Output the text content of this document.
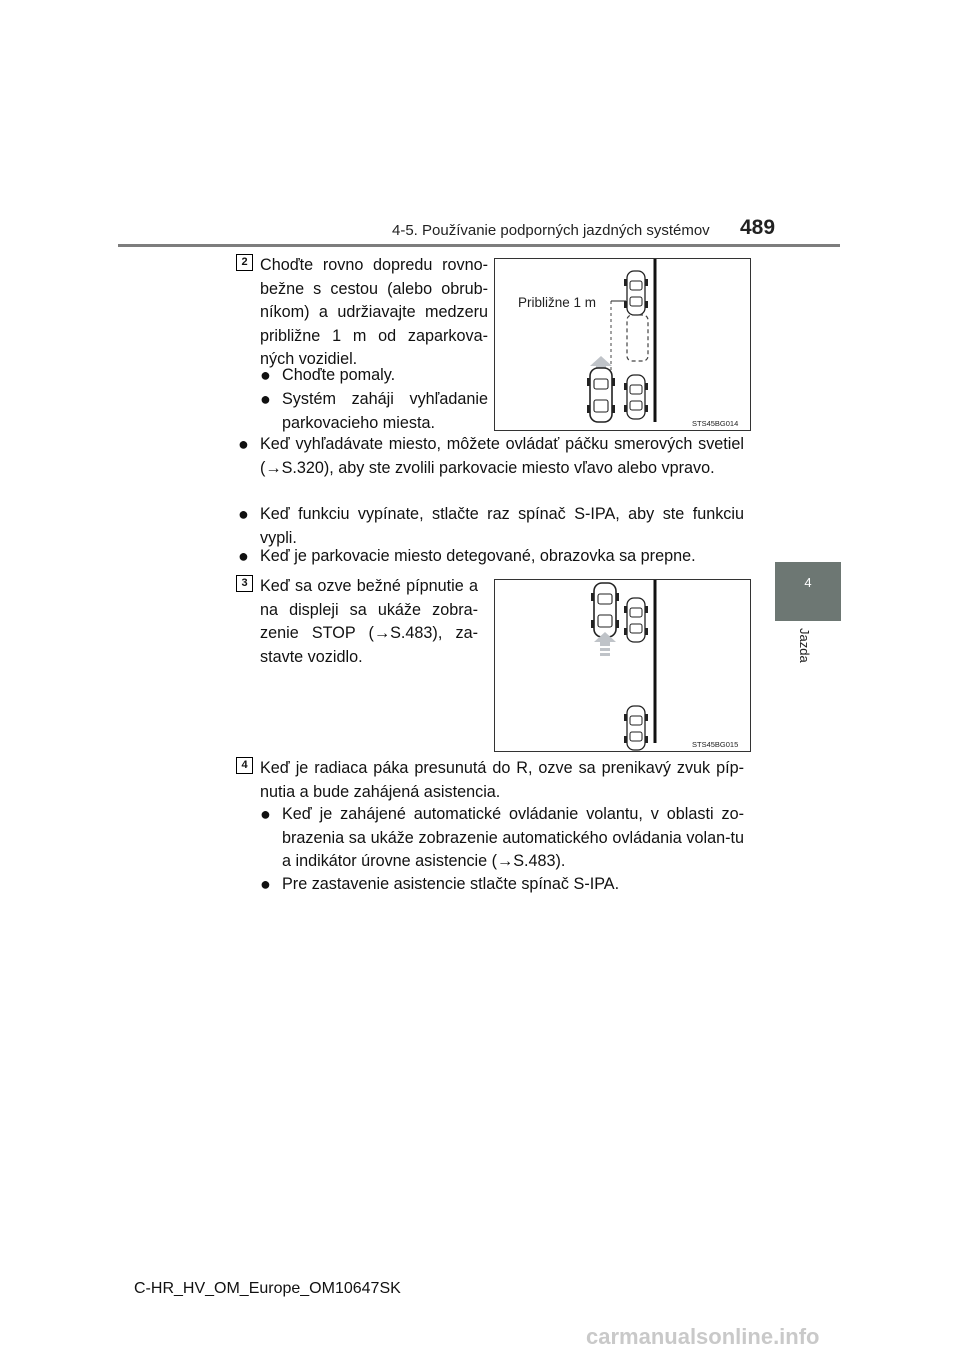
4-5. Používanie podporných jazdných systémov 489
4
Jazda
2 Choďte rovno dopredu rovno-bežne s cestou (alebo obrub-níkom) a udržiavajte medzeru približne 1 m od zaparkova-ných vozidiel.
● Choďte pomaly.
● Systém zaháji vyhľadanie parkovacieho miesta.
Približne 1 m
STS45BG014
● Keď vyhľadávate miesto, môžete ovládať páčku smerových svetiel (→S.320), aby ste zvolili parkovacie miesto vľavo alebo vpravo.
● Keď funkciu vypínate, stlačte raz spínač S-IPA, aby ste funkciu vypli.
● Keď je parkovacie miesto detegované, obrazovka sa prepne.
3 Keď sa ozve bežné pípnutie a na displeji sa ukáže zobra-zenie STOP (→S.483), za-stavte vozidlo.
STS45BG015
4 Keď je radiaca páka presunutá do R, ozve sa prenikavý zvuk píp-nutia a bude zahájená asistencia.
● Keď je zahájené automatické ovládanie volantu, v oblasti zo-brazenia sa ukáže zobrazenie automatického ovládania volan-tu a indikátor úrovne asistencie (→S.483).
● Pre zastavenie asistencie stlačte spínač S-IPA.
C-HR_HV_OM_Europe_OM10647SK
carmanualsonline.info
